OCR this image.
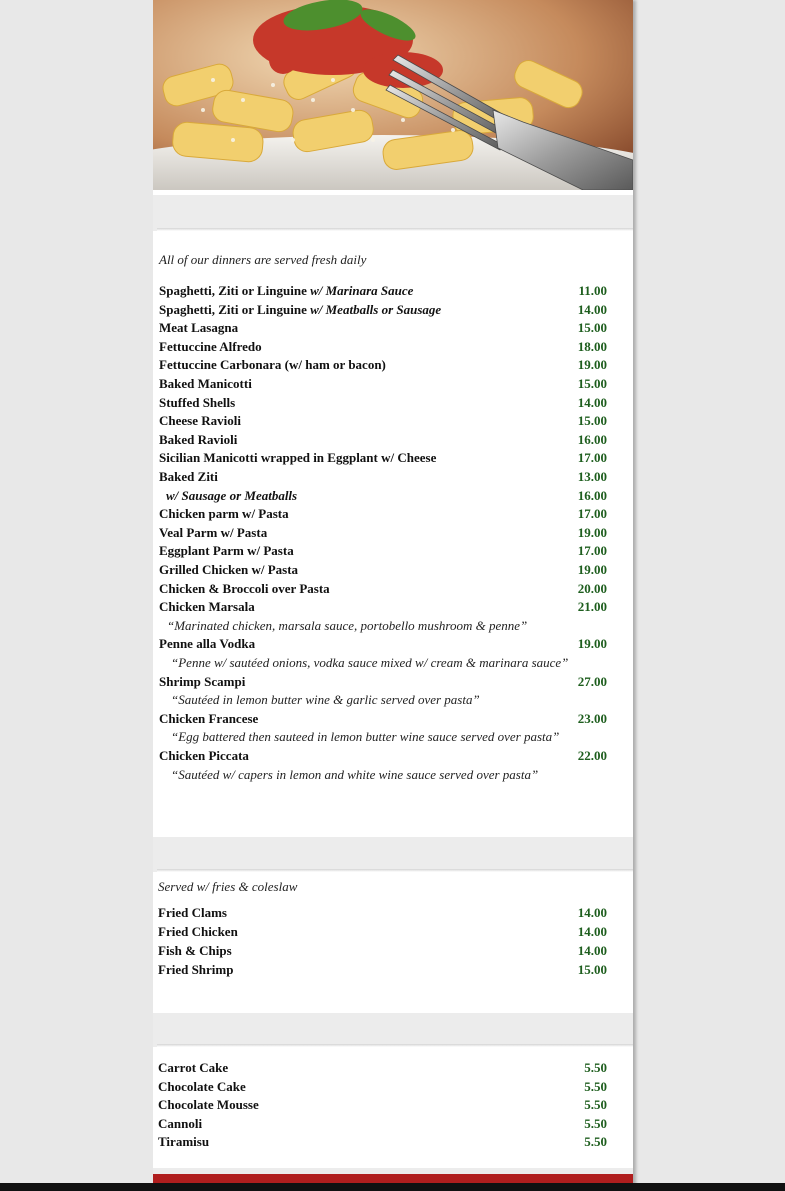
All of our dinners are served fresh daily
Spaghetti, Ziti or Linguine w/ Marinara Sauce	11.00
Spaghetti, Ziti or Linguine w/ Meatballs or Sausage	14.00
Meat Lasagna	15.00
Fettuccine Alfredo	18.00
Fettuccine Carbonara (w/ ham or bacon)	19.00
Baked Manicotti	15.00
Stuffed Shells	14.00
Cheese Ravioli	15.00
Baked Ravioli	16.00
Sicilian Manicotti wrapped in Eggplant w/ Cheese	17.00
Baked Ziti	13.00
w/ Sausage or Meatballs	16.00
Chicken parm w/ Pasta	17.00
Veal Parm w/ Pasta	19.00
Eggplant Parm w/ Pasta	17.00
Grilled Chicken w/ Pasta	19.00
Chicken & Broccoli over Pasta	20.00
Chicken Marsala	21.00
“Marinated chicken, marsala sauce, portobello mushroom & penne”
Penne alla Vodka	19.00
“Penne w/ sautéed onions, vodka sauce mixed w/ cream & marinara sauce”
Shrimp Scampi	27.00
“Sautéed in lemon butter wine & garlic served over pasta”
Chicken Francese	23.00
“Egg battered then sauteed in lemon butter wine sauce served over pasta”
Chicken Piccata	22.00
“Sautéed w/ capers in lemon and white wine sauce served over pasta”
Served w/ fries & coleslaw
Fried Clams	14.00
Fried Chicken	14.00
Fish & Chips	14.00
Fried Shrimp	15.00
Carrot Cake	5.50
Chocolate Cake	5.50
Chocolate Mousse	5.50
Cannoli	5.50
Tiramisu	5.50
